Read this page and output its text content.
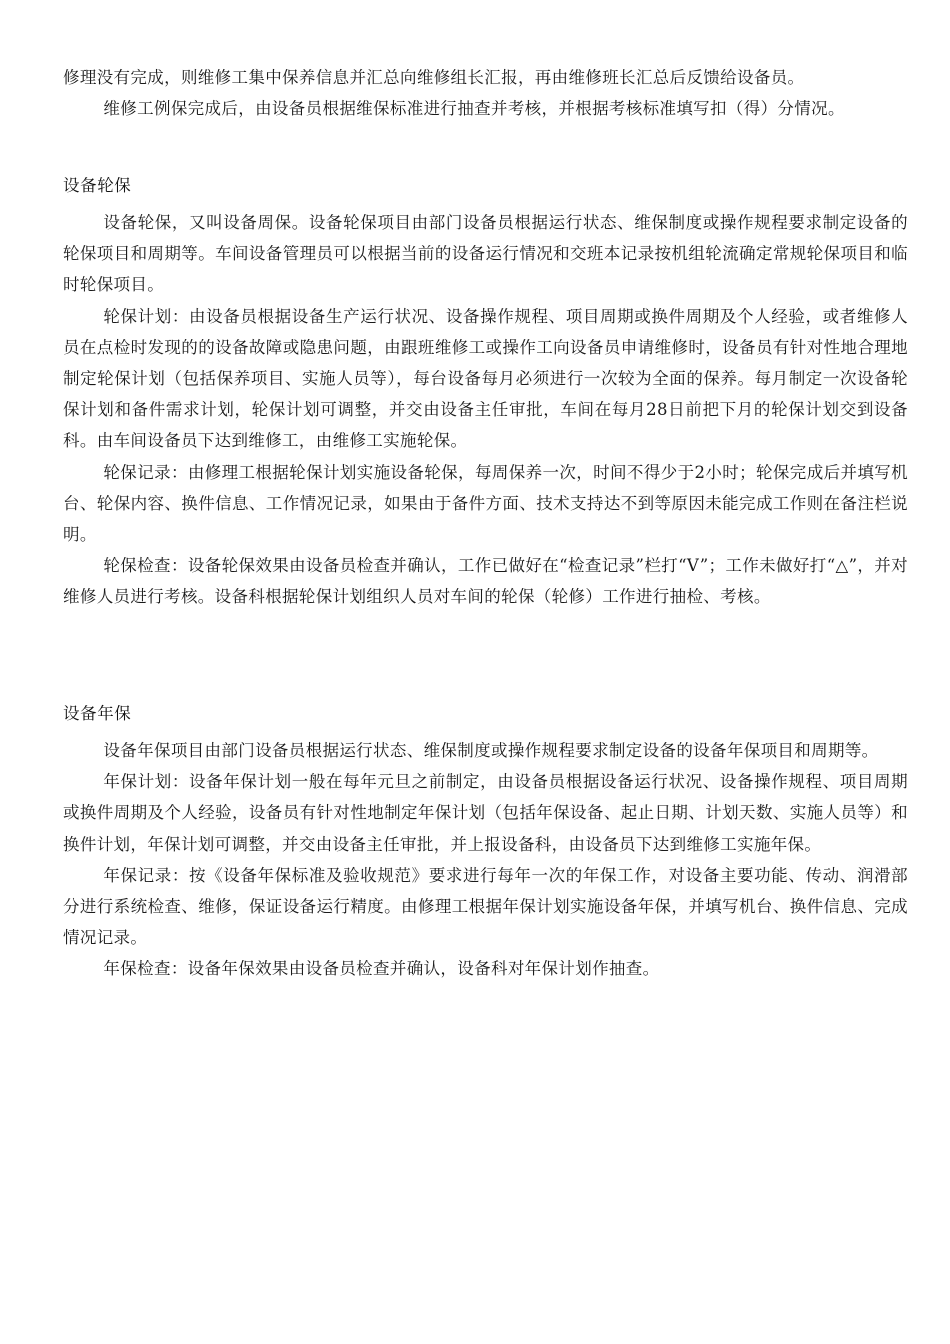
修理没有完成，则维修工集中保养信息并汇总向维修组长汇报，再由维修班长汇总后反馈给设备员。

维修工例保完成后，由设备员根据维保标准进行抽查并考核，并根据考核标准填写扣（得）分情况。

设备轮保

设备轮保，又叫设备周保。设备轮保项目由部门设备员根据运行状态、维保制度或操作规程要求制定设备的轮保项目和周期等。车间设备管理员可以根据当前的设备运行情况和交班本记录按机组轮流确定常规轮保项目和临时轮保项目。

轮保计划：由设备员根据设备生产运行状况、设备操作规程、项目周期或换件周期及个人经验，或者维修人员在点检时发现的的设备故障或隐患问题，由跟班维修工或操作工向设备员申请维修时，设备员有针对性地合理地制定轮保计划（包括保养项目、实施人员等），每台设备每月必须进行一次较为全面的保养。每月制定一次设备轮保计划和备件需求计划，轮保计划可调整，并交由设备主任审批，车间在每月28日前把下月的轮保计划交到设备科。由车间设备员下达到维修工，由维修工实施轮保。

轮保记录：由修理工根据轮保计划实施设备轮保，每周保养一次，时间不得少于2小时；轮保完成后并填写机台、轮保内容、换件信息、工作情况记录，如果由于备件方面、技术支持达不到等原因未能完成工作则在备注栏说明。

轮保检查：设备轮保效果由设备员检查并确认，工作已做好在“检查记录”栏打“V”；工作未做好打“△”，并对维修人员进行考核。设备科根据轮保计划组织人员对车间的轮保（轮修）工作进行抽检、考核。

设备年保

设备年保项目由部门设备员根据运行状态、维保制度或操作规程要求制定设备的设备年保项目和周期等。

年保计划：设备年保计划一般在每年元旦之前制定，由设备员根据设备运行状况、设备操作规程、项目周期或换件周期及个人经验，设备员有针对性地制定年保计划（包括年保设备、起止日期、计划天数、实施人员等）和换件计划，年保计划可调整，并交由设备主任审批，并上报设备科，由设备员下达到维修工实施年保。

年保记录：按《设备年保标准及验收规范》要求进行每年一次的年保工作，对设备主要功能、传动、润滑部分进行系统检查、维修，保证设备运行精度。由修理工根据年保计划实施设备年保，并填写机台、换件信息、完成情况记录。

年保检查：设备年保效果由设备员检查并确认，设备科对年保计划作抽查。
